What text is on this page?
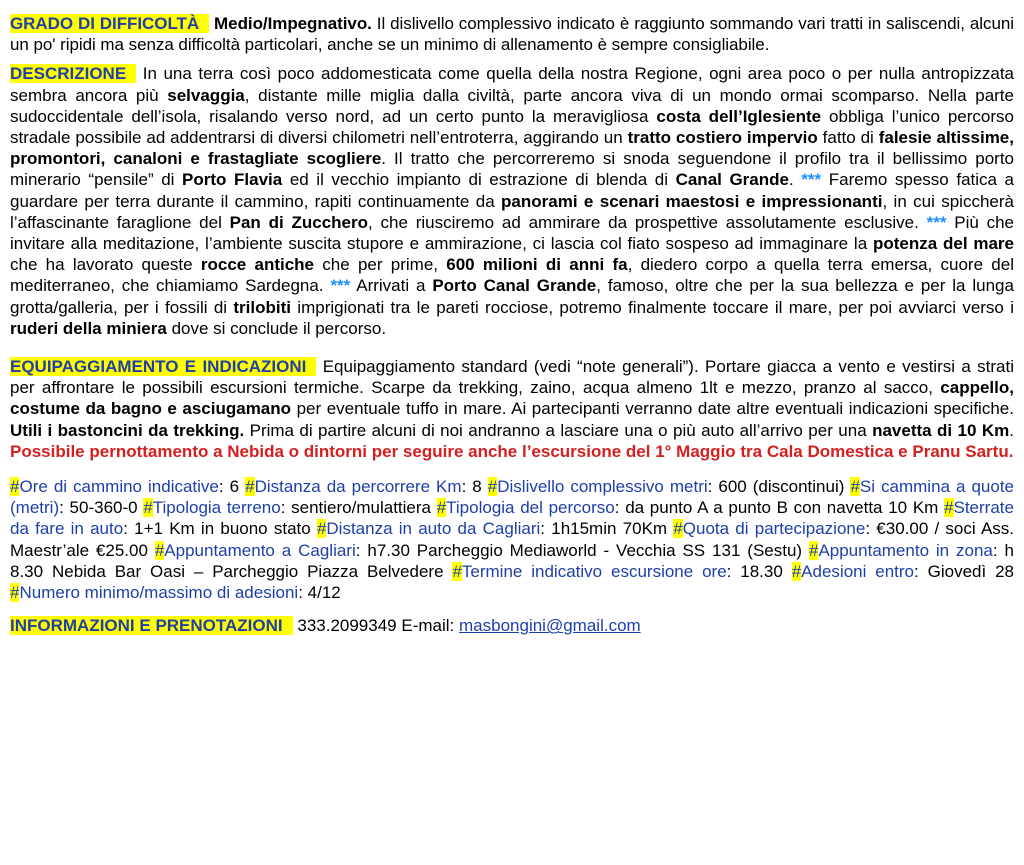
GRADO DI DIFFICOLTÀ Medio/Impegnativo. Il dislivello complessivo indicato è raggiunto sommando vari tratti in saliscendi, alcuni un po' ripidi ma senza difficoltà particolari, anche se un minimo di allenamento è sempre consigliabile.

DESCRIZIONE In una terra così poco addomesticata come quella della nostra Regione, ogni area poco o per nulla antropizzata sembra ancora più selvaggia, distante mille miglia dalla civiltà, parte ancora viva di un mondo ormai scomparso. Nella parte sudoccidentale dell’isola, risalando verso nord, ad un certo punto la meravigliosa costa dell’Iglesiente obbliga l’unico percorso stradale possibile ad addentrarsi di diversi chilometri nell’entroterra, aggirando un tratto costiero impervio fatto di falesie altissime, promontori, canaloni e frastagliate scogliere. Il tratto che percorreremo si snoda seguendone il profilo tra il bellissimo porto minerario “pensile” di Porto Flavia ed il vecchio impianto di estrazione di blenda di Canal Grande. *** Faremo spesso fatica a guardare per terra durante il cammino, rapiti continuamente da panorami e scenari maestosi e impressionanti, in cui spiccherà l’affascinante faraglione del Pan di Zucchero, che riusciremo ad ammirare da prospettive assolutamente esclusive. *** Più che invitare alla meditazione, l’ambiente suscita stupore e ammirazione, ci lascia col fiato sospeso ad immaginare la potenza del mare che ha lavorato queste rocce antiche che per prime, 600 milioni di anni fa, diedero corpo a quella terra emersa, cuore del mediterraneo, che chiamiamo Sardegna. *** Arrivati a Porto Canal Grande, famoso, oltre che per la sua bellezza e per la lunga grotta/galleria, per i fossili di trilobiti imprigionati tra le pareti rocciose, potremo finalmente toccare il mare, per poi avviarci verso i ruderi della miniera dove si conclude il percorso.

EQUIPAGGIAMENTO E INDICAZIONI Equipaggiamento standard (vedi “note generali”). Portare giacca a vento e vestirsi a strati per affrontare le possibili escursioni termiche. Scarpe da trekking, zaino, acqua almeno 1lt e mezzo, pranzo al sacco, cappello, costume da bagno e asciugamano per eventuale tuffo in mare. Ai partecipanti verranno date altre eventuali indicazioni specifiche. Utili i bastoncini da trekking. Prima di partire alcuni di noi andranno a lasciare una o più auto all’arrivo per una navetta di 10 Km. Possibile pernottamento a Nebida o dintorni per seguire anche l’escursione del 1° Maggio tra Cala Domestica e Pranu Sartu.

#Ore di cammino indicative: 6 #Distanza da percorrere Km: 8 #Dislivello complessivo metri: 600 (discontinui) #Si cammina a quote (metri): 50-360-0 #Tipologia terreno: sentiero/mulattiera #Tipologia del percorso: da punto A a punto B con navetta 10 Km #Sterrate da fare in auto: 1+1 Km in buono stato #Distanza in auto da Cagliari: 1h15min 70Km #Quota di partecipazione: €30.00 / soci Ass. Maestr’ale €25.00 #Appuntamento a Cagliari: h7.30 Parcheggio Mediaworld - Vecchia SS 131 (Sestu) #Appuntamento in zona: h 8.30 Nebida Bar Oasi – Parcheggio Piazza Belvedere #Termine indicativo escursione ore: 18.30 #Adesioni entro: Giovedì 28 #Numero minimo/massimo di adesioni: 4/12

INFORMAZIONI E PRENOTAZIONI 333.2099349 E-mail: masbongini@gmail.com
